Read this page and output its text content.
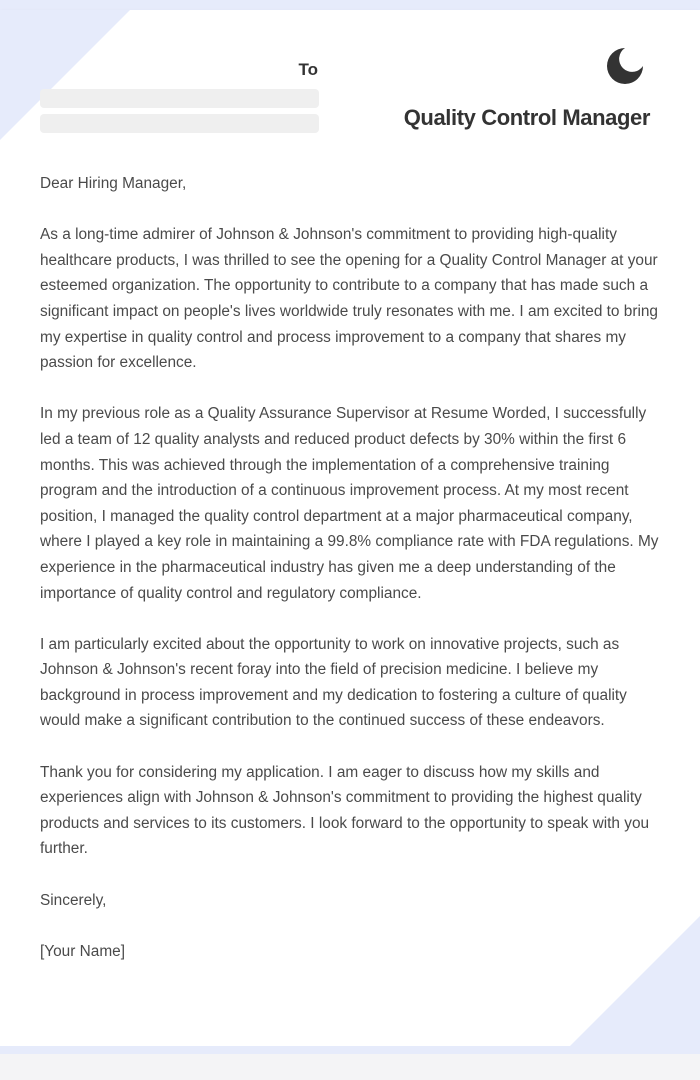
To
Quality Control Manager

Dear Hiring Manager,

As a long-time admirer of Johnson & Johnson's commitment to providing high-quality healthcare products, I was thrilled to see the opening for a Quality Control Manager at your esteemed organization. The opportunity to contribute to a company that has made such a significant impact on people's lives worldwide truly resonates with me. I am excited to bring my expertise in quality control and process improvement to a company that shares my passion for excellence.

In my previous role as a Quality Assurance Supervisor at Resume Worded, I successfully led a team of 12 quality analysts and reduced product defects by 30% within the first 6 months. This was achieved through the implementation of a comprehensive training program and the introduction of a continuous improvement process. At my most recent position, I managed the quality control department at a major pharmaceutical company, where I played a key role in maintaining a 99.8% compliance rate with FDA regulations. My experience in the pharmaceutical industry has given me a deep understanding of the importance of quality control and regulatory compliance.

I am particularly excited about the opportunity to work on innovative projects, such as Johnson & Johnson's recent foray into the field of precision medicine. I believe my background in process improvement and my dedication to fostering a culture of quality would make a significant contribution to the continued success of these endeavors.

Thank you for considering my application. I am eager to discuss how my skills and experiences align with Johnson & Johnson's commitment to providing the highest quality products and services to its customers. I look forward to the opportunity to speak with you further.

Sincerely,

[Your Name]
